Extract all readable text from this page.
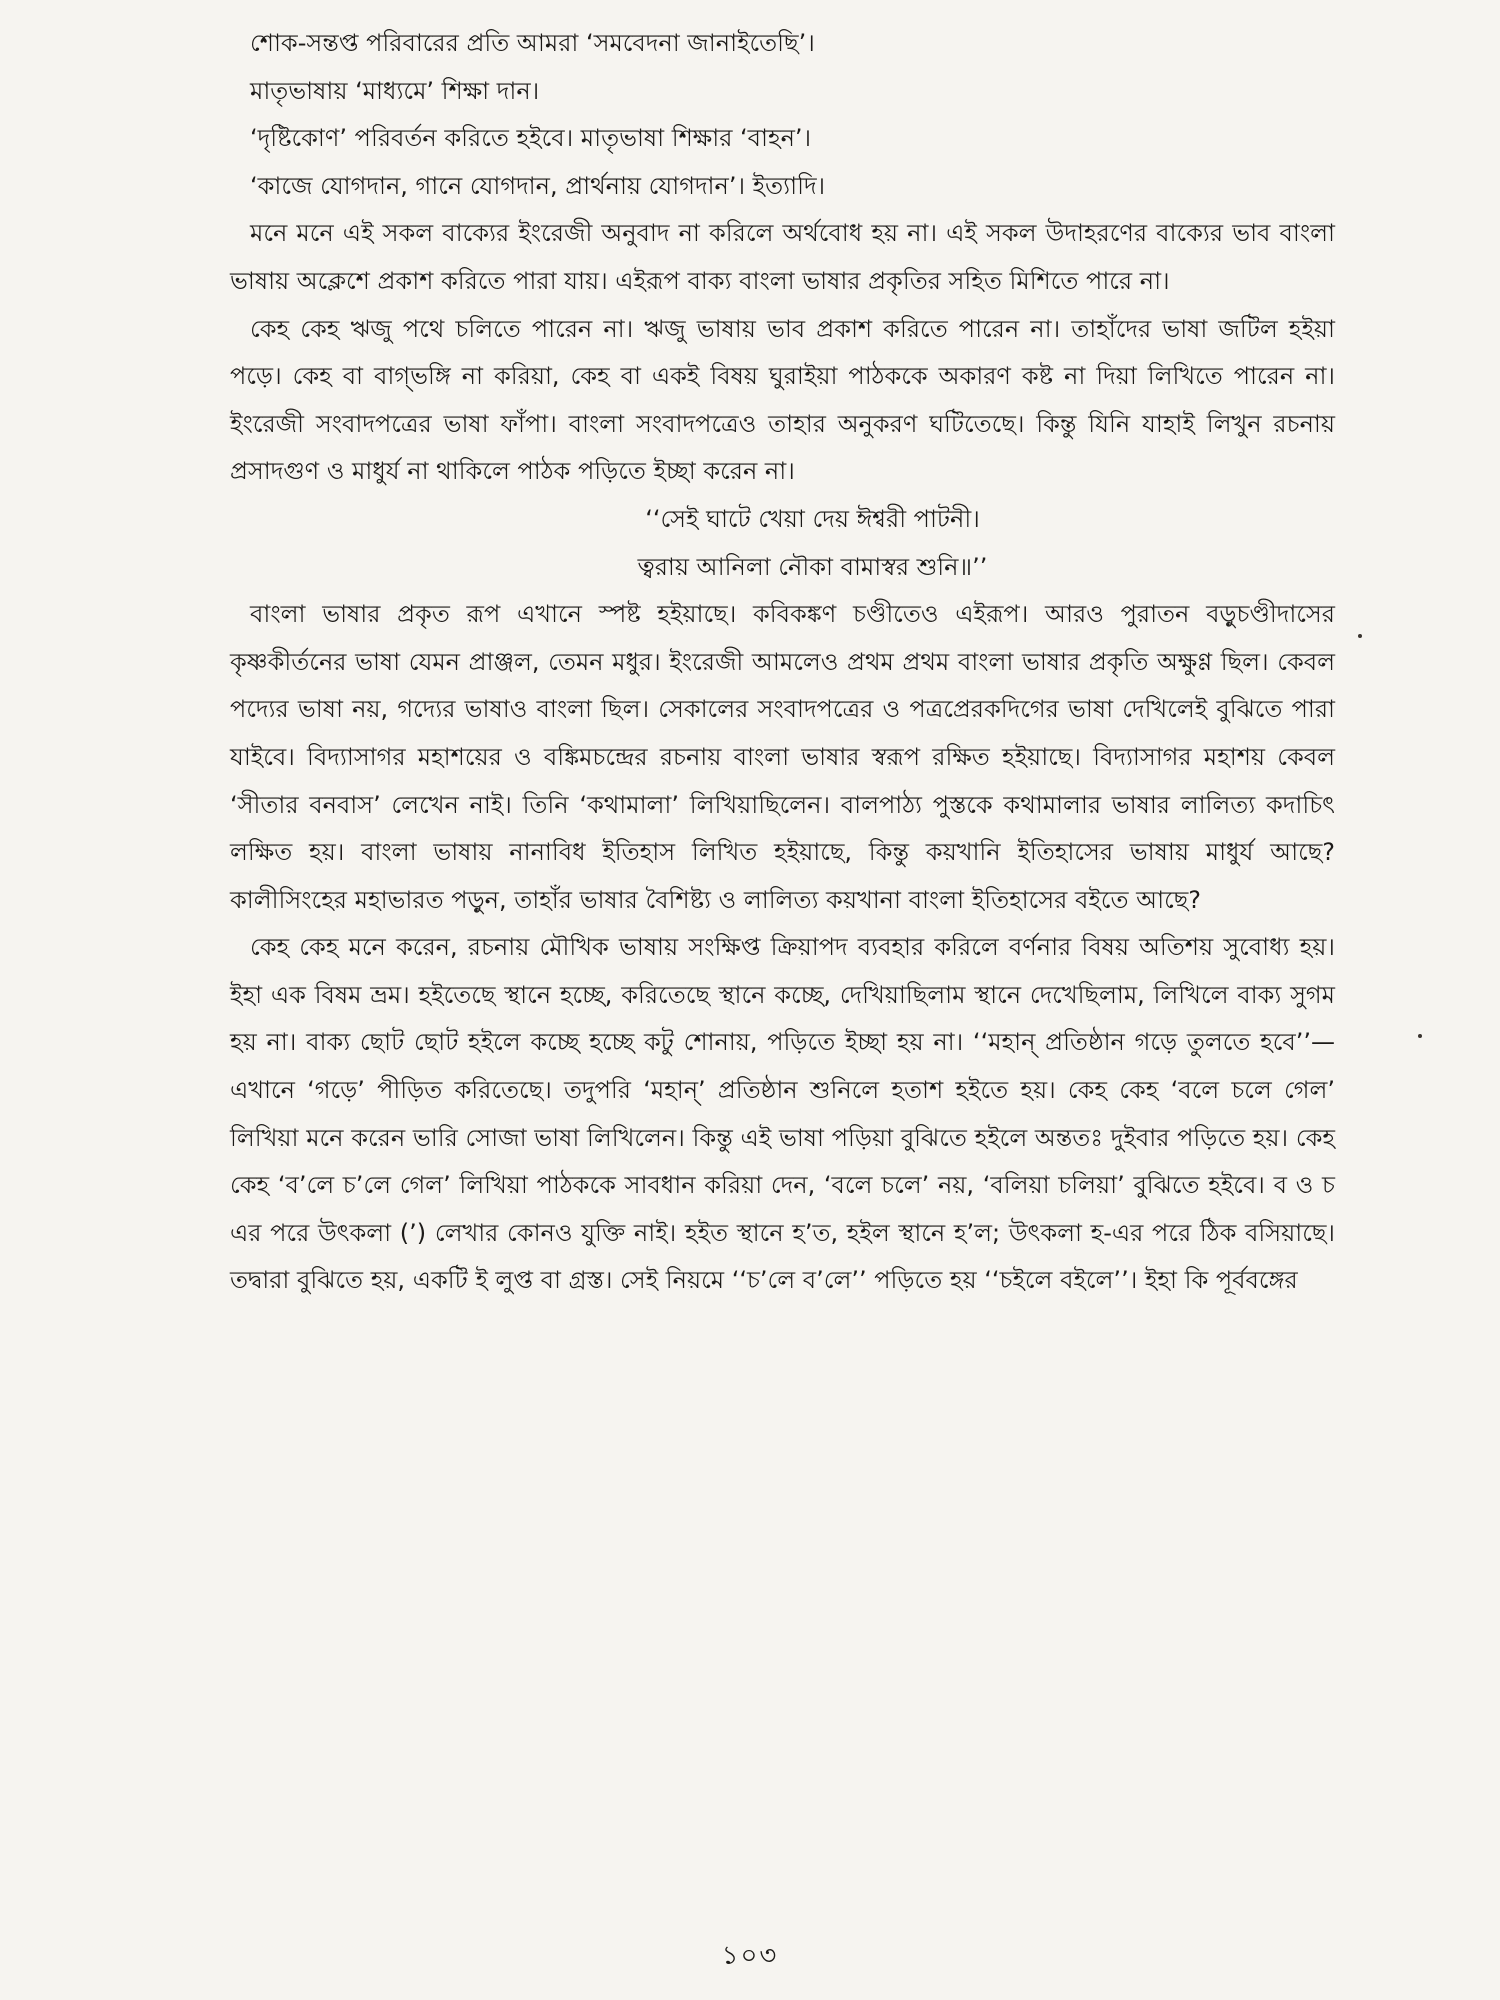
শোক-সন্তপ্ত পরিবারের প্রতি আমরা ‘সমবেদনা জানাইতেছি’।
মাতৃভাষায় ‘মাধ্যমে’ শিক্ষা দান।
‘দৃষ্টিকোণ’ পরিবর্তন করিতে হইবে। মাতৃভাষা শিক্ষার ‘বাহন’।
‘কাজে যোগদান, গানে যোগদান, প্রার্থনায় যোগদান’। ইত্যাদি।

মনে মনে এই সকল বাক্যের ইংরেজী অনুবাদ না করিলে অর্থবোধ হয় না। এই সকল উদাহরণের বাক্যের ভাব বাংলা ভাষায় অক্লেশে প্রকাশ করিতে পারা যায়। এইরূপ বাক্য বাংলা ভাষার প্রকৃতির সহিত মিশিতে পারে না।

কেহ কেহ ঋজু পথে চলিতে পারেন না। ঋজু ভাষায় ভাব প্রকাশ করিতে পারেন না। তাহাঁদের ভাষা জটিল হইয়া পড়ে। কেহ বা বাগ্‌ভঙ্গি না করিয়া, কেহ বা একই বিষয় ঘুরাইয়া পাঠককে অকারণ কষ্ট না দিয়া লিখিতে পারেন না। ইংরেজী সংবাদপত্রের ভাষা ফাঁপা। বাংলা সংবাদপত্রেও তাহার অনুকরণ ঘটিতেছে। কিন্তু যিনি যাহাই লিখুন রচনায় প্রসাদগুণ ও মাধুর্য না থাকিলে পাঠক পড়িতে ইচ্ছা করেন না।

‘‘সেই ঘাটে খেয়া দেয় ঈশ্বরী পাটনী।
ত্বরায় আনিলা নৌকা বামাস্বর শুনি॥’’

বাংলা ভাষার প্রকৃত রূপ এখানে স্পষ্ট হইয়াছে। কবিকঙ্কণ চণ্ডীতেও এইরূপ। আরও পুরাতন বড়ুচণ্ডীদাসের কৃষ্ণকীর্তনের ভাষা যেমন প্রাঞ্জল, তেমন মধুর। ইংরেজী আমলেও প্রথম প্রথম বাংলা ভাষার প্রকৃতি অক্ষুণ্ণ ছিল। কেবল পদ্যের ভাষা নয়, গদ্যের ভাষাও বাংলা ছিল। সেকালের সংবাদপত্রের ও পত্রপ্রেরকদিগের ভাষা দেখিলেই বুঝিতে পারা যাইবে। বিদ্যাসাগর মহাশয়ের ও বঙ্কিমচন্দ্রের রচনায় বাংলা ভাষার স্বরূপ রক্ষিত হইয়াছে। বিদ্যাসাগর মহাশয় কেবল ‘সীতার বনবাস’ লেখেন নাই। তিনি ‘কথামালা’ লিখিয়াছিলেন। বালপাঠ্য পুস্তকে কথামালার ভাষার লালিত্য কদাচিৎ লক্ষিত হয়। বাংলা ভাষায় নানাবিধ ইতিহাস লিখিত হইয়াছে, কিন্তু কয়খানি ইতিহাসের ভাষায় মাধুর্য আছে? কালীসিংহের মহাভারত পড়ুন, তাহাঁর ভাষার বৈশিষ্ট্য ও লালিত্য কয়খানা বাংলা ইতিহাসের বইতে আছে?

কেহ কেহ মনে করেন, রচনায় মৌখিক ভাষায় সংক্ষিপ্ত ক্রিয়াপদ ব্যবহার করিলে বর্ণনার বিষয় অতিশয় সুবোধ্য হয়। ইহা এক বিষম ভ্রম। হইতেছে স্থানে হচ্ছে, করিতেছে স্থানে কচ্ছে, দেখিয়াছিলাম স্থানে দেখেছিলাম, লিখিলে বাক্য সুগম হয় না। বাক্য ছোট ছোট হইলে কচ্ছে হচ্ছে কটু শোনায়, পড়িতে ইচ্ছা হয় না। ‘‘মহান্ প্রতিষ্ঠান গড়ে তুলতে হবে’’—এখানে ‘গড়ে’ পীড়িত করিতেছে। তদুপরি ‘মহান্’ প্রতিষ্ঠান শুনিলে হতাশ হইতে হয়। কেহ কেহ ‘বলে চলে গেল’ লিখিয়া মনে করেন ভারি সোজা ভাষা লিখিলেন। কিন্তু এই ভাষা পড়িয়া বুঝিতে হইলে অন্ততঃ দুইবার পড়িতে হয়। কেহ কেহ ‘ব’লে চ’লে গেল’ লিখিয়া পাঠককে সাবধান করিয়া দেন, ‘বলে চলে’ নয়, ‘বলিয়া চলিয়া’ বুঝিতে হইবে। ব ও চ এর পরে উৎকলা (’) লেখার কোনও যুক্তি নাই। হইত স্থানে হ’ত, হইল স্থানে হ’ল; উৎকলা হ-এর পরে ঠিক বসিয়াছে। তদ্বারা বুঝিতে হয়, একটি ই লুপ্ত বা গ্রস্ত। সেই নিয়মে ‘‘চ’লে ব’লে’’ পড়িতে হয় ‘‘চইলে বইলে’’। ইহা কি পূর্ববঙ্গের

১০৩
